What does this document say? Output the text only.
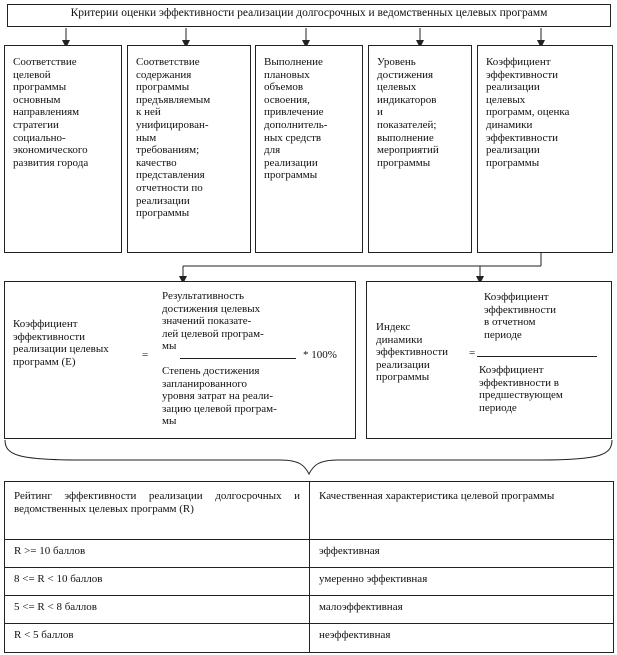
Критерии оценки эффективности реализации долгосрочных и ведомственных целевых программ
Соответствие
целевой
программы
основным
направлениям
стратегии
социально-
экономического
развития города
Соответствие
содержания
программы
предъявляемым
к ней
унифицирован-
ным
требованиям;
качество
представления
отчетности по
реализации
программы
Выполнение
плановых
объемов
освоения,
привлечение
дополнитель-
ных средств
для
реализации
программы
Уровень
достижения
целевых
индикаторов
и
показателей;
выполнение
мероприятий
программы
Коэффициент
эффективности
реализации
целевых
программ, оценка
динамики
эффективности
реализации
программы
Коэффициент
эффективности
реализации целевых
программ (Е)
=
Результативность
достижения целевых
значений показате-
лей целевой програм-
мы
* 100%
Степень достижения
запланированного
уровня затрат на реали-
зацию целевой програм-
мы
Индекс
динамики
эффективности
реализации
программы
=
Коэффициент
эффективности
в отчетном
периоде
Коэффициент
эффективности в
предшествующем
периоде
Рейтинг эффективности реализации долгосрочных и ведомственных целевых программ (R)	Качественная характеристика целевой программы
R >= 10 баллов	эффективная
8 <= R < 10 баллов	умеренно эффективная
5 <= R < 8 баллов	малоэффективная
R < 5 баллов	неэффективная
